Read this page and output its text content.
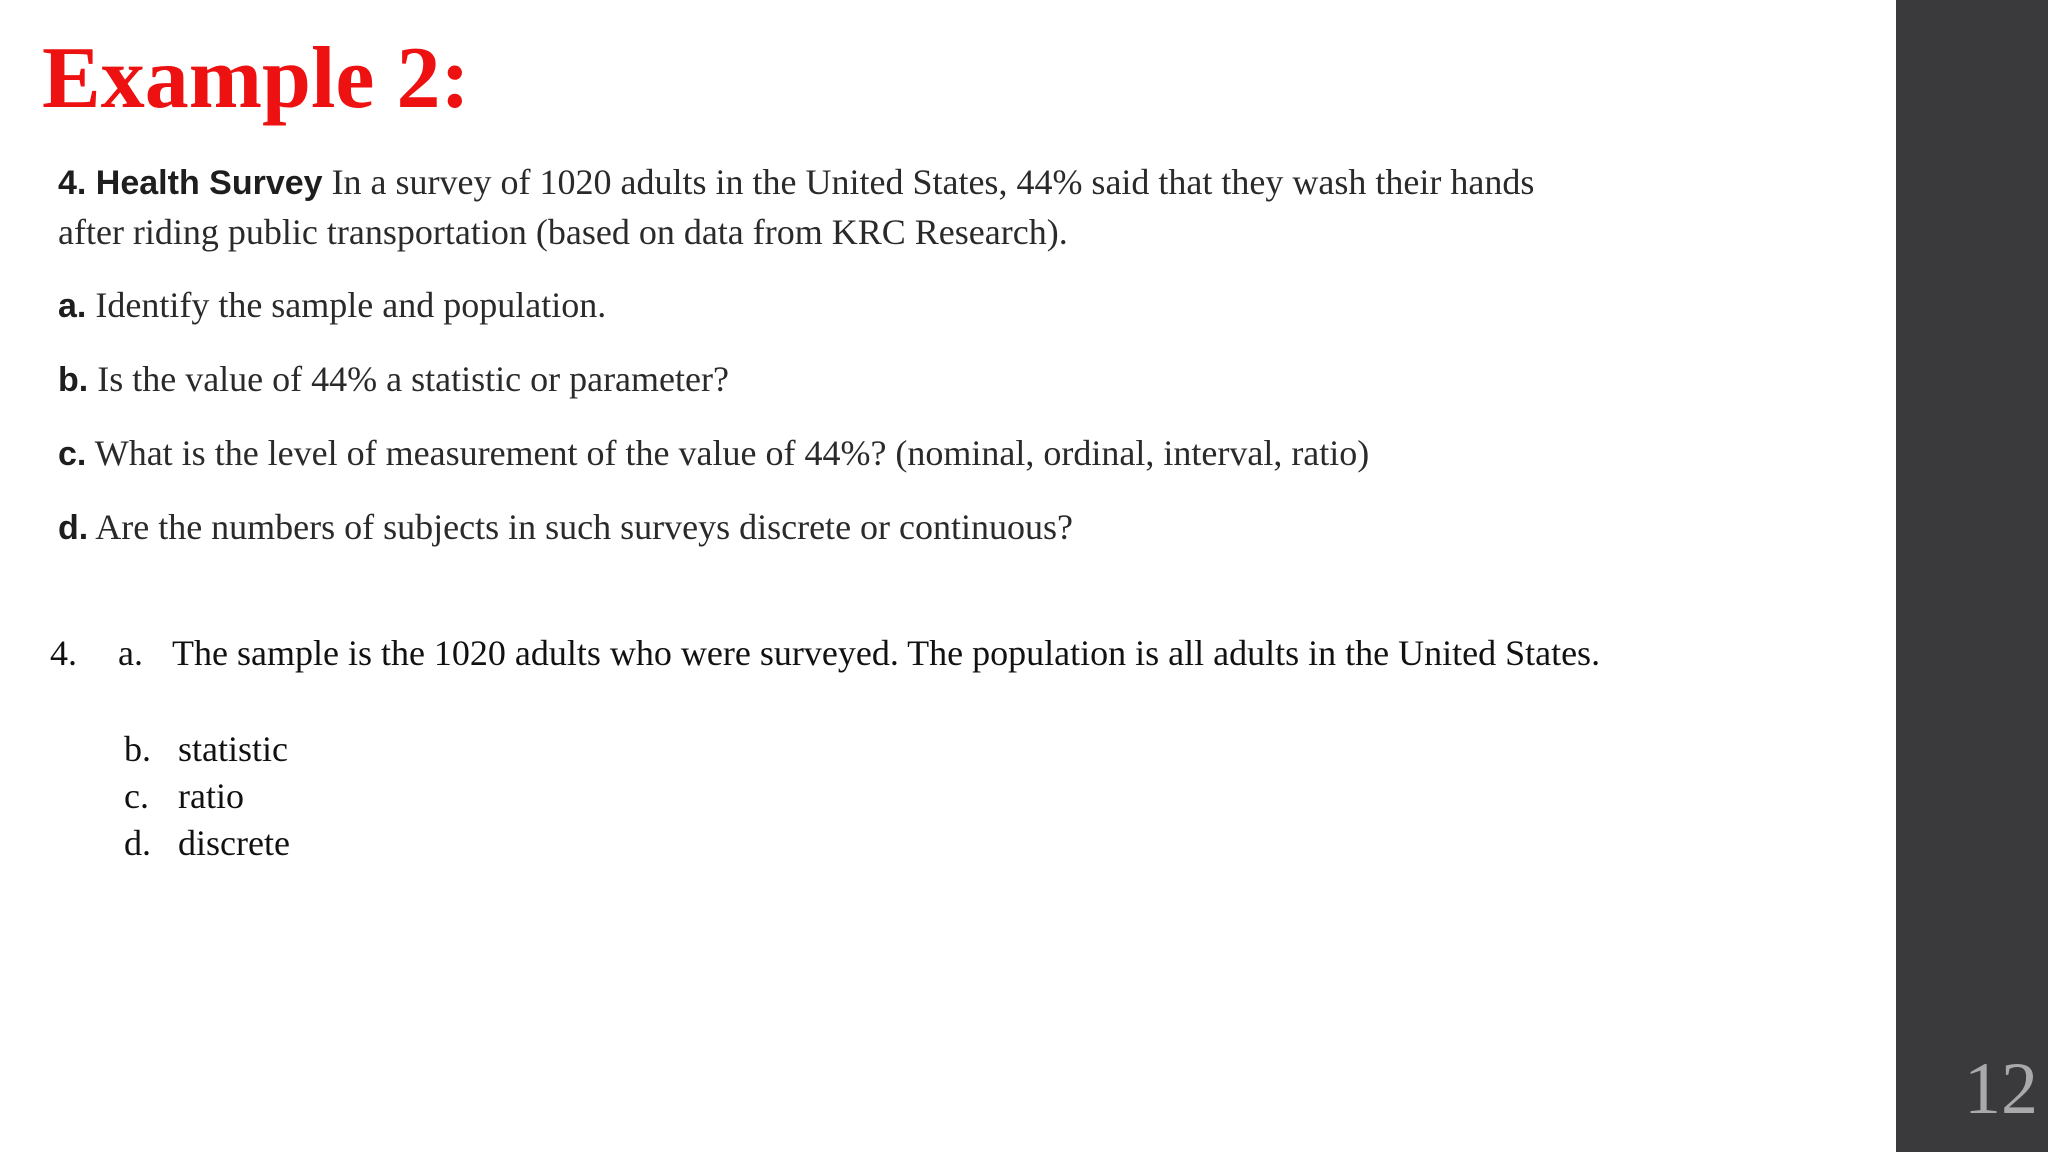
Example 2:

4. Health Survey In a survey of 1020 adults in the United States, 44% said that they wash their hands after riding public transportation (based on data from KRC Research).

a. Identify the sample and population.

b. Is the value of 44% a statistic or parameter?

c. What is the level of measurement of the value of 44%? (nominal, ordinal, interval, ratio)

d. Are the numbers of subjects in such surveys discrete or continuous?

4. a. The sample is the 1020 adults who were surveyed. The population is all adults in the United States.
b. statistic
c. ratio
d. discrete
12
